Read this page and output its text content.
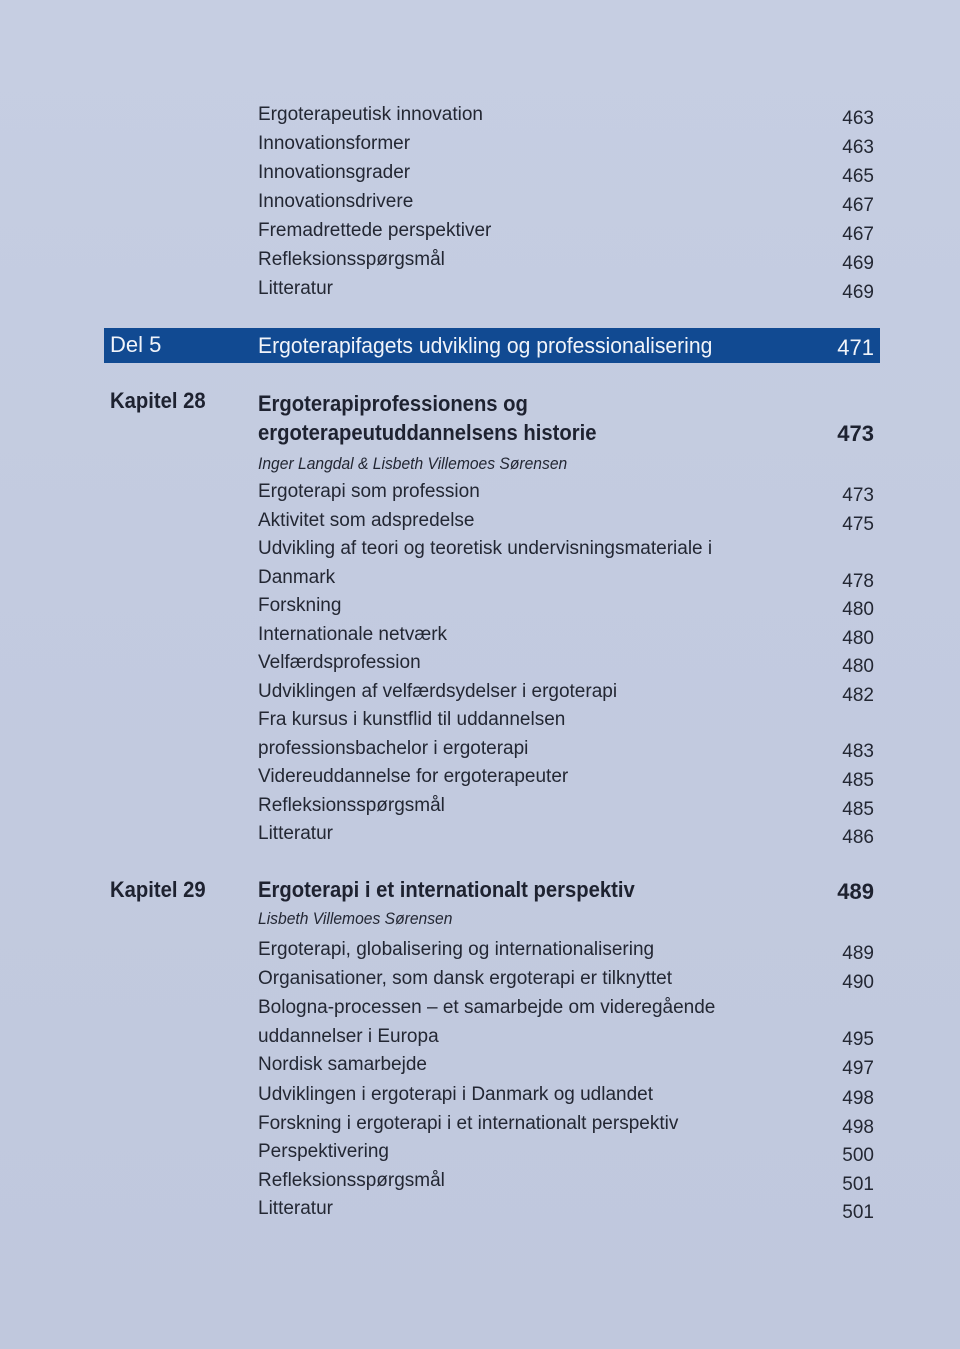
Ergoterapeutisk innovation	463
Innovationsformer	463
Innovationsgrader	465
Innovationsdrivere	467
Fremadrettede perspektiver	467
Refleksionsspørgsmål	469
Litteratur	469
Del 5	Ergoterapifagets udvikling og professionalisering	471
Kapitel 28 Ergoterapiprofessionens og
ergoterapeutuddannelsens historie	473
Inger Langdal & Lisbeth Villemoes Sørensen
Ergoterapi som profession	473
Aktivitet som adspredelse	475
Udvikling af teori og teoretisk undervisningsmateriale i Danmark	478
Forskning	480
Internationale netværk	480
Velfærdsprofession	480
Udviklingen af velfærdsydelser i ergoterapi	482
Fra kursus i kunstflid til uddannelsen professionsbachelor i ergoterapi	483
Videreuddannelse for ergoterapeuter	485
Refleksionsspørgsmål	485
Litteratur	486
Kapitel 29 Ergoterapi i et internationalt perspektiv	489
Lisbeth Villemoes Sørensen
Ergoterapi, globalisering og internationalisering	489
Organisationer, som dansk ergoterapi er tilknyttet	490
Bologna-processen – et samarbejde om videregående uddannelser i Europa	495
Nordisk samarbejde	497
Udviklingen i ergoterapi i Danmark og udlandet	498
Forskning i ergoterapi i et internationalt perspektiv	498
Perspektivering	500
Refleksionsspørgsmål	501
Litteratur	501
